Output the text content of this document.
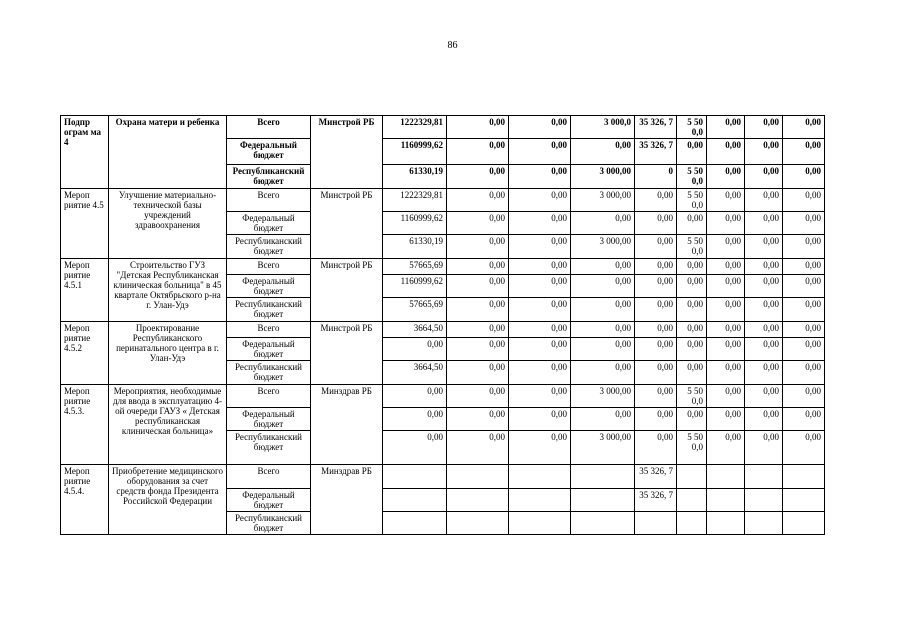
86
Подпр ограм ма 4	Охрана матери и ребенка	Всего	Минстрой РБ	1222329,81	0,00	0,00	3 000,0	35 326, 7	5 50 0,0	0,00	0,00	0,00
		Федеральный бюджет		1160999,62	0,00	0,00	0,00	35 326, 7	0,00	0,00	0,00	0,00
		Республиканский бюджет		61330,19	0,00	0,00	3 000,00	0	5 50 0,0	0,00	0,00	0,00
Мероп риятие 4.5	Улучшение материально-технической базы учреждений здравоохранения	Всего	Минстрой РБ	1222329,81	0,00	0,00	3 000,00	0,00	5 50 0,0	0,00	0,00	0,00
		Федеральный бюджет		1160999,62	0,00	0,00	0,00	0,00	0,00	0,00	0,00	0,00
		Республиканский бюджет		61330,19	0,00	0,00	3 000,00	0,00	5 50 0,0	0,00	0,00	0,00
Мероп риятие 4.5.1	Строительство ГУЗ "Детская Республиканская клиническая больница" в 45 квартале Октябрьского р-на г. Улан-Удэ	Всего	Минстрой РБ	57665,69	0,00	0,00	0,00	0,00	0,00	0,00	0,00	0,00
		Федеральный бюджет		1160999,62	0,00	0,00	0,00	0,00	0,00	0,00	0,00	0,00
		Республиканский бюджет		57665,69	0,00	0,00	0,00	0,00	0,00	0,00	0,00	0,00
Мероп риятие 4.5.2	Проектирование Республиканского перинатального центра в г. Улан-Удэ	Всего	Минстрой РБ	3664,50	0,00	0,00	0,00	0,00	0,00	0,00	0,00	0,00
		Федеральный бюджет		0,00	0,00	0,00	0,00	0,00	0,00	0,00	0,00	0,00
		Республиканский бюджет		3664,50	0,00	0,00	0,00	0,00	0,00	0,00	0,00	0,00
Мероп риятие 4.5.3.	Мероприятия, необходимые для ввода в эксплуатацию 4-ой очереди ГАУЗ « Детская республиканская клиническая больница»	Всего	Минздрав РБ	0,00	0,00	0,00	3 000,00	0,00	5 50 0,0	0,00	0,00	0,00
		Федеральный бюджет		0,00	0,00	0,00	0,00	0,00	0,00	0,00	0,00	0,00
		Республиканский бюджет		0,00	0,00	0,00	3 000,00	0,00	5 50 0,0	0,00	0,00	0,00
Мероп риятие 4.5.4.	Приобретение медицинского оборудования за счет средств фонда Президента Российской Федерации	Всего	Минздрав РБ					35 326, 7				
		Федеральный бюджет						35 326, 7				
		Республиканский бюджет										
